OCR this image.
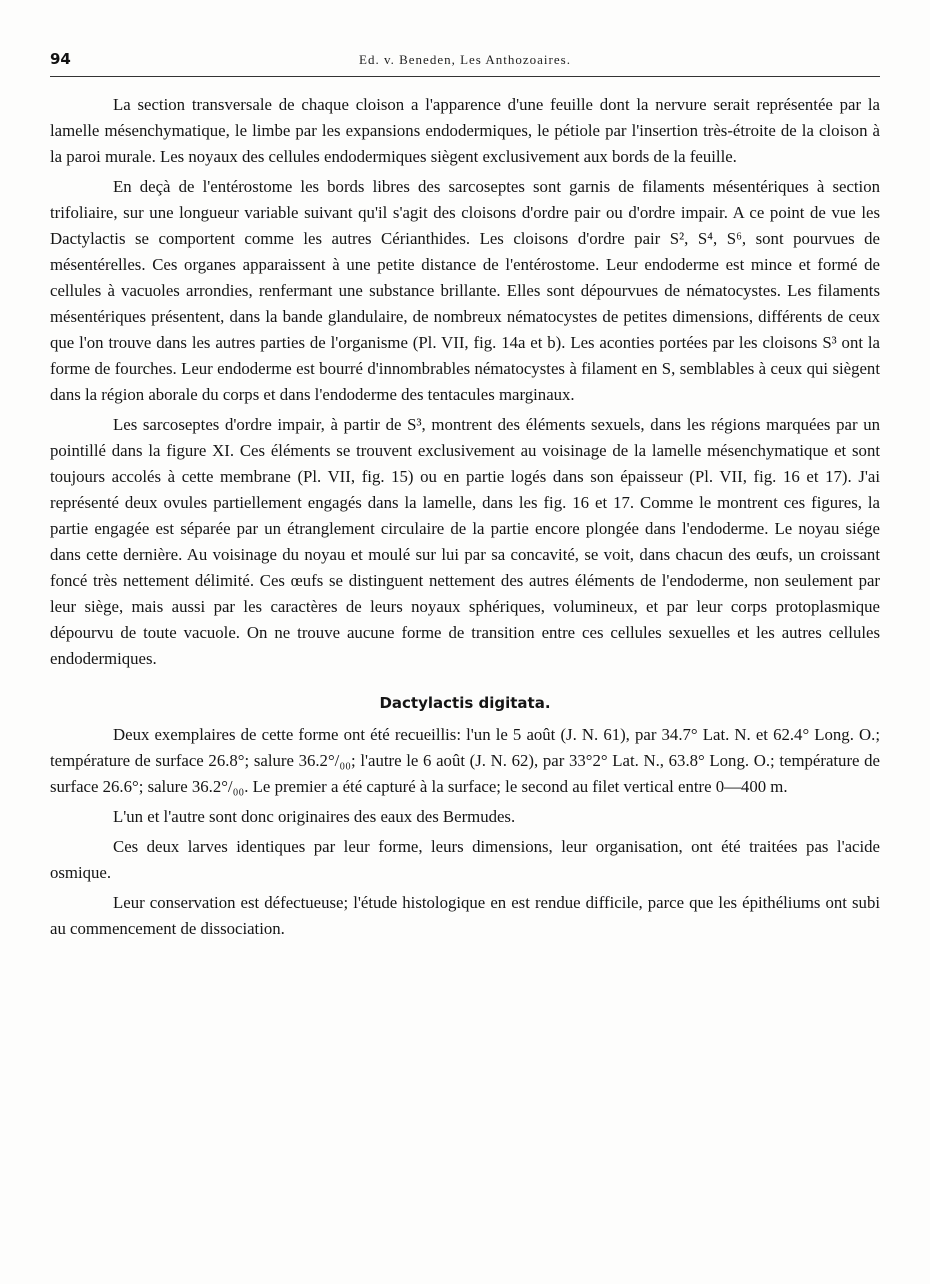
94	Ed. v. Beneden, Les Anthozoaires.

La section transversale de chaque cloison a l'apparence d'une feuille dont la nervure serait représentée par la lamelle mésenchymatique, le limbe par les expansions endodermiques, le pétiole par l'insertion très-étroite de la cloison à la paroi murale. Les noyaux des cellules endodermiques siègent exclusivement aux bords de la feuille.

En deçà de l'entérostome les bords libres des sarcoseptes sont garnis de filaments mésentériques à section trifoliaire, sur une longueur variable suivant qu'il s'agit des cloisons d'ordre pair ou d'ordre impair. A ce point de vue les Dactylactis se comportent comme les autres Cérianthides. Les cloisons d'ordre pair S², S⁴, S⁶, sont pourvues de mésentérelles. Ces organes apparaissent à une petite distance de l'entérostome. Leur endoderme est mince et formé de cellules à vacuoles arrondies, renfermant une substance brillante. Elles sont dépourvues de nématocystes. Les filaments mésentériques présentent, dans la bande glandulaire, de nombreux nématocystes de petites dimensions, différents de ceux que l'on trouve dans les autres parties de l'organisme (Pl. VII, fig. 14a et b). Les aconties portées par les cloisons S³ ont la forme de fourches. Leur endoderme est bourré d'innombrables nématocystes à filament en S, semblables à ceux qui siègent dans la région aborale du corps et dans l'endoderme des tentacules marginaux.

Les sarcoseptes d'ordre impair, à partir de S³, montrent des éléments sexuels, dans les régions marquées par un pointillé dans la figure XI. Ces éléments se trouvent exclusivement au voisinage de la lamelle mésenchymatique et sont toujours accolés à cette membrane (Pl. VII, fig. 15) ou en partie logés dans son épaisseur (Pl. VII, fig. 16 et 17). J'ai représenté deux ovules partiellement engagés dans la lamelle, dans les fig. 16 et 17. Comme le montrent ces figures, la partie engagée est séparée par un étranglement circulaire de la partie encore plongée dans l'endoderme. Le noyau siége dans cette dernière. Au voisinage du noyau et moulé sur lui par sa concavité, se voit, dans chacun des œufs, un croissant foncé très nettement délimité. Ces œufs se distinguent nettement des autres éléments de l'endoderme, non seulement par leur siège, mais aussi par les caractères de leurs noyaux sphériques, volumineux, et par leur corps protoplasmique dépourvu de toute vacuole. On ne trouve aucune forme de transition entre ces cellules sexuelles et les autres cellules endodermiques.

Dactylactis digitata.

Deux exemplaires de cette forme ont été recueillis: l'un le 5 août (J. N. 61), par 34.7° Lat. N. et 62.4° Long. O.; température de surface 26.8°; salure 36.2°/₀₀; l'autre le 6 août (J. N. 62), par 33°2° Lat. N., 63.8° Long. O.; température de surface 26.6°; salure 36.2°/₀₀. Le premier a été capturé à la surface; le second au filet vertical entre 0—400 m.

L'un et l'autre sont donc originaires des eaux des Bermudes.

Ces deux larves identiques par leur forme, leurs dimensions, leur organisation, ont été traitées pas l'acide osmique.

Leur conservation est défectueuse; l'étude histologique en est rendue difficile, parce que les épithéliums ont subi au commencement de dissociation.
